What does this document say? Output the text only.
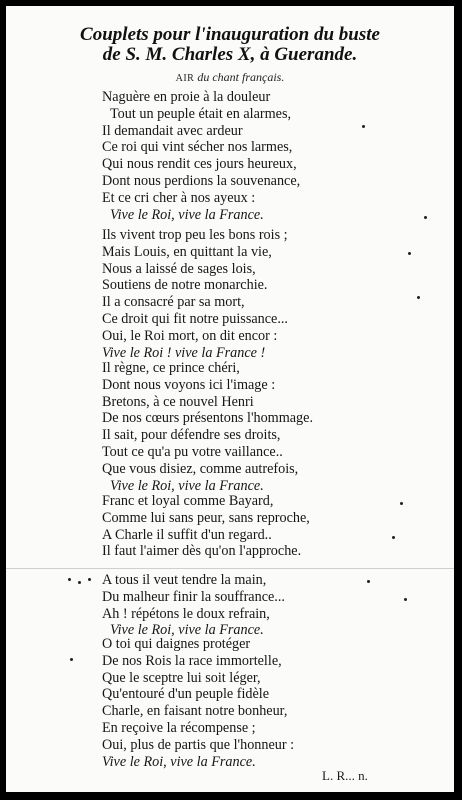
Couplets pour l'inauguration du buste
de S. M. Charles X, à Guerande.
AIR du chant français.
Naguère en proie à la douleur
Tout un peuple était en alarmes,
Il demandait avec ardeur
Ce roi qui vint sécher nos larmes,
Qui nous rendit ces jours heureux,
Dont nous perdions la souvenance,
Et ce cri cher à nos ayeux :
Vive le Roi, vive la France.
Ils vivent trop peu les bons rois ;
Mais Louis, en quittant la vie,
Nous a laissé de sages lois,
Soutiens de notre monarchie.
Il a consacré par sa mort,
Ce droit qui fit notre puissance...
Oui, le Roi mort, on dit encor :
Vive le Roi ! vive la France !
Il règne, ce prince chéri,
Dont nous voyons ici l'image :
Bretons, à ce nouvel Henri
De nos cœurs présentons l'hommage.
Il sait, pour défendre ses droits,
Tout ce qu'a pu votre vaillance..
Que vous disiez, comme autrefois,
Vive le Roi, vive la France.
Franc et loyal comme Bayard,
Comme lui sans peur, sans reproche,
A Charle il suffit d'un regard..
Il faut l'aimer dès qu'on l'approche.
A tous il veut tendre la main,
Du malheur finir la souffrance...
Ah ! répétons le doux refrain,
Vive le Roi, vive la France.
O toi qui daignes protéger
De nos Rois la race immortelle,
Que le sceptre lui soit léger,
Qu'entouré d'un peuple fidèle
Charle, en faisant notre bonheur,
En reçoive la récompense ;
Oui, plus de partis que l'honneur :
Vive le Roi, vive la France.
L. R... n.
